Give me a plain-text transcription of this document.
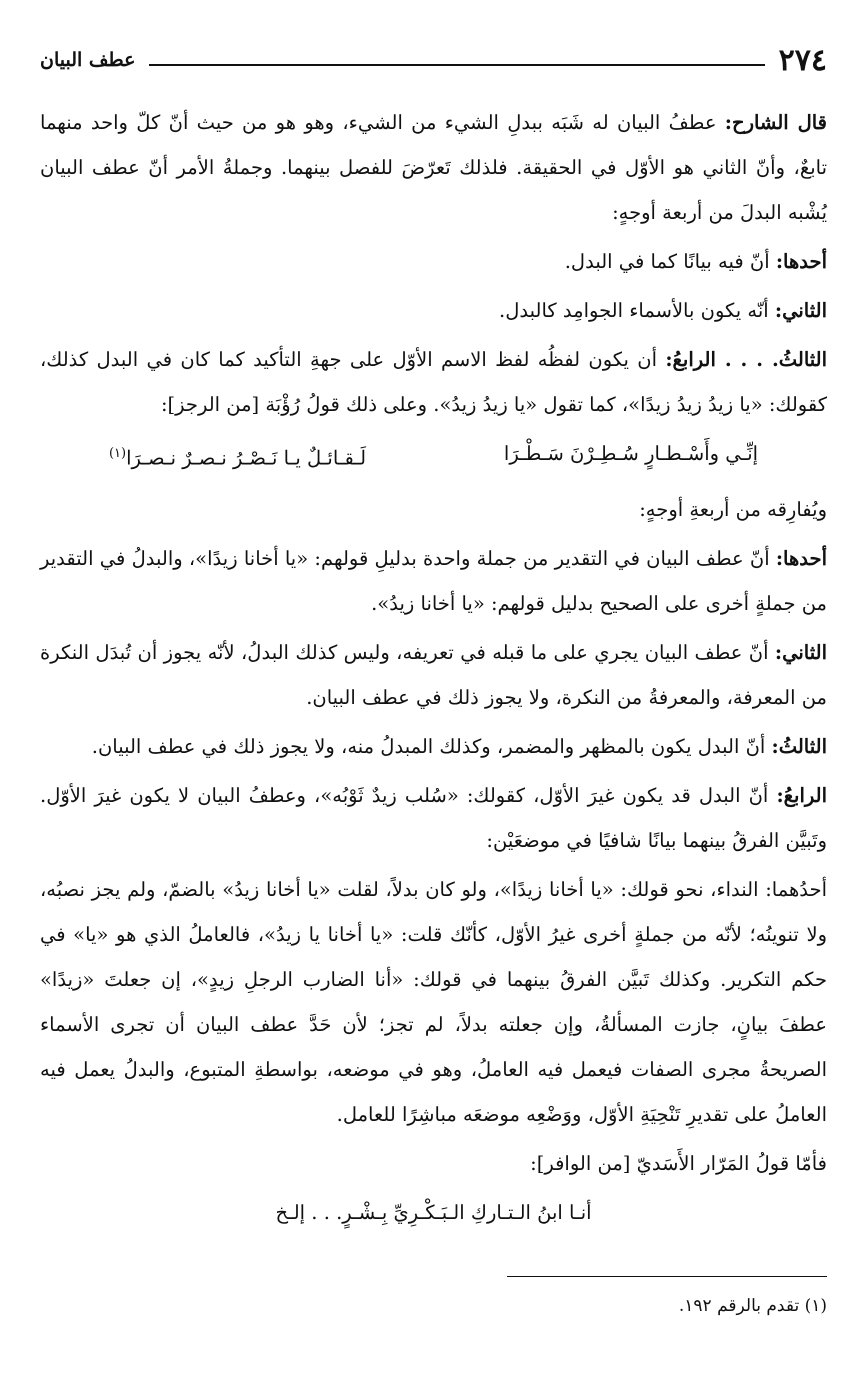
٢٧٤
عطف البيان

قال الشارح: عطفُ البيان له شَبَه ببدلِ الشيء من الشيء، وهو هو من حيث أنّ كلّ واحد منهما تابعٌ، وأنّ الثاني هو الأوّل في الحقيقة. فلذلك تَعرّضَ للفصل بينهما. وجملةُ الأمر أنّ عطف البيان يُشْبه البدلَ من أربعة أوجهٍ:

أحدها: أنّ فيه بيانًا كما في البدل.

الثاني: أنّه يكون بالأسماء الجوامِد كالبدل.

الثالثُ. . . . الرابعُ: أن يكون لفظُه لفظ الاسم الأوّل على جهةِ التأكيد كما كان في البدل كذلك، كقولك: «يا زيدُ زيدُ زيدًا»، كما تقول «يا زيدُ زيدُ». وعلى ذلك قولُ رُؤْبَة [من الرجز]:

إنِّـي وأَسْـطـارٍ سُـطِـرْنَ سَـطْـرَا
لَـقـائـلٌ يـا نَـصْـرُ نـصـرٌ نـصـرَا$^{(١)}$

ويُفارِقه من أربعةِ أوجهٍ:

أحدها: أنّ عطف البيان في التقدير من جملة واحدة بدليلِ قولهم: «يا أخانا زيدًا»، والبدلُ في التقدير من جملةٍ أخرى على الصحيح بدليل قولهم: «يا أخانا زيدُ».

الثاني: أنّ عطف البيان يجري على ما قبله في تعريفه، وليس كذلك البدلُ، لأنّه يجوز أن تُبدَل النكرة من المعرفة، والمعرفةُ من النكرة، ولا يجوز ذلك في عطف البيان.

الثالثُ: أنّ البدل يكون بالمظهر والمضمر، وكذلك المبدلُ منه، ولا يجوز ذلك في عطف البيان.

الرابعُ: أنّ البدل قد يكون غيرَ الأوّل، كقولك: «سُلب زيدٌ ثَوْبُه»، وعطفُ البيان لا يكون غيرَ الأوّل. وتَبيَّن الفرقُ بينهما بيانًا شافيًا في موضعَيْن:

أحدُهما: النداء، نحو قولك: «يا أخانا زيدًا»، ولو كان بدلاً، لقلت «يا أخانا زيدُ» بالضمّ، ولم يجز نصبُه، ولا تنوينُه؛ لأنّه من جملةٍ أخرى غيرُ الأوّل، كأنّك قلت: «يا أخانا يا زيدُ»، فالعاملُ الذي هو «يا» في حكم التكرير. وكذلك تَبيَّن الفرقُ بينهما في قولك: «أنا الضارب الرجلِ زيدٍ»، إن جعلتَ «زيدًا» عطفَ بيانٍ، جازت المسألةُ، وإن جعلته بدلاً، لم تجز؛ لأن حَدَّ عطف البيان أن تجرى الأسماء الصريحةُ مجرى الصفات فيعمل فيه العاملُ، وهو في موضعه، بواسطةِ المتبوع، والبدلُ يعمل فيه العاملُ على تقديرِ تَنْحِيَةِ الأوّل، ووَضْعِه موضعَه مباشِرًا للعامل.

فأمّا قولُ المَرّار الأَسَديّ [من الوافر]:

أنـا ابنُ الـتـاركِ الـبَـكْـرِيِّ بِـشْـرٍ. . . إلـخ
(١) تقدم بالرقم ١٩٢.
